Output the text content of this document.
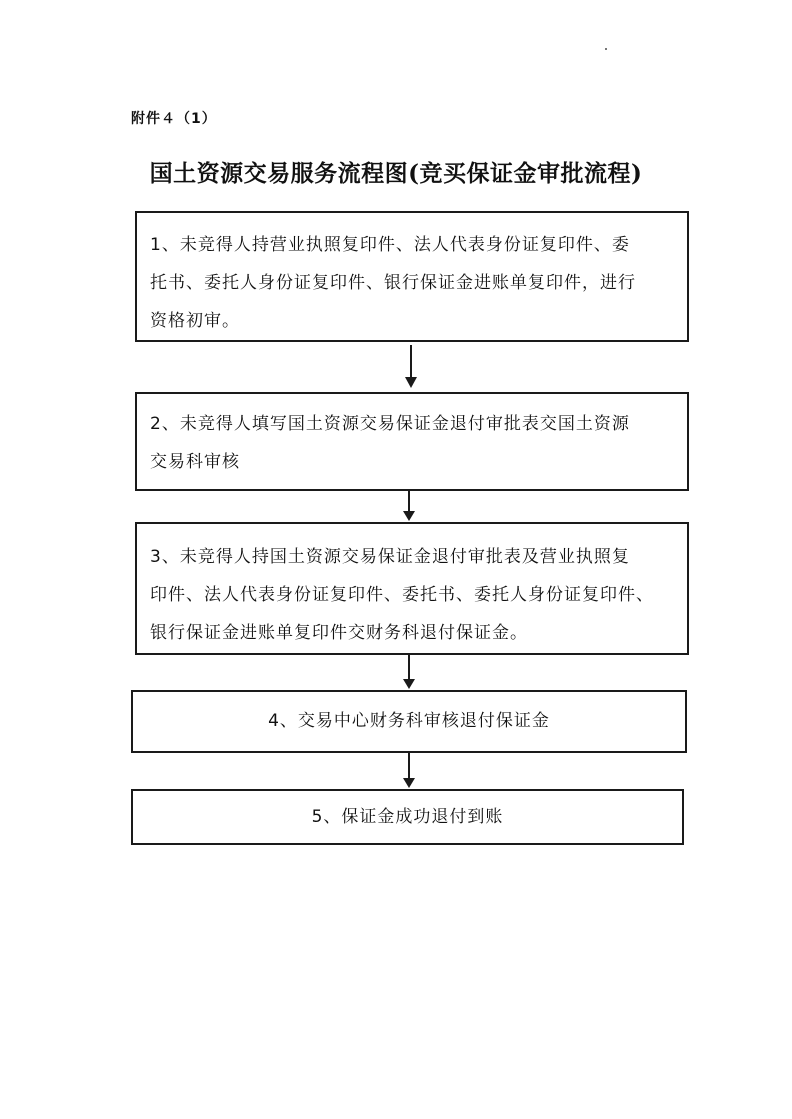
附件４（1）
国土资源交易服务流程图(竞买保证金审批流程)
1、未竞得人持营业执照复印件、法人代表身份证复印件、委
托书、委托人身份证复印件、银行保证金进账单复印件，进行
资格初审。
2、未竞得人填写国土资源交易保证金退付审批表交国土资源
交易科审核
3、未竞得人持国土资源交易保证金退付审批表及营业执照复
印件、法人代表身份证复印件、委托书、委托人身份证复印件、
银行保证金进账单复印件交财务科退付保证金。
4、交易中心财务科审核退付保证金
5、保证金成功退付到账
